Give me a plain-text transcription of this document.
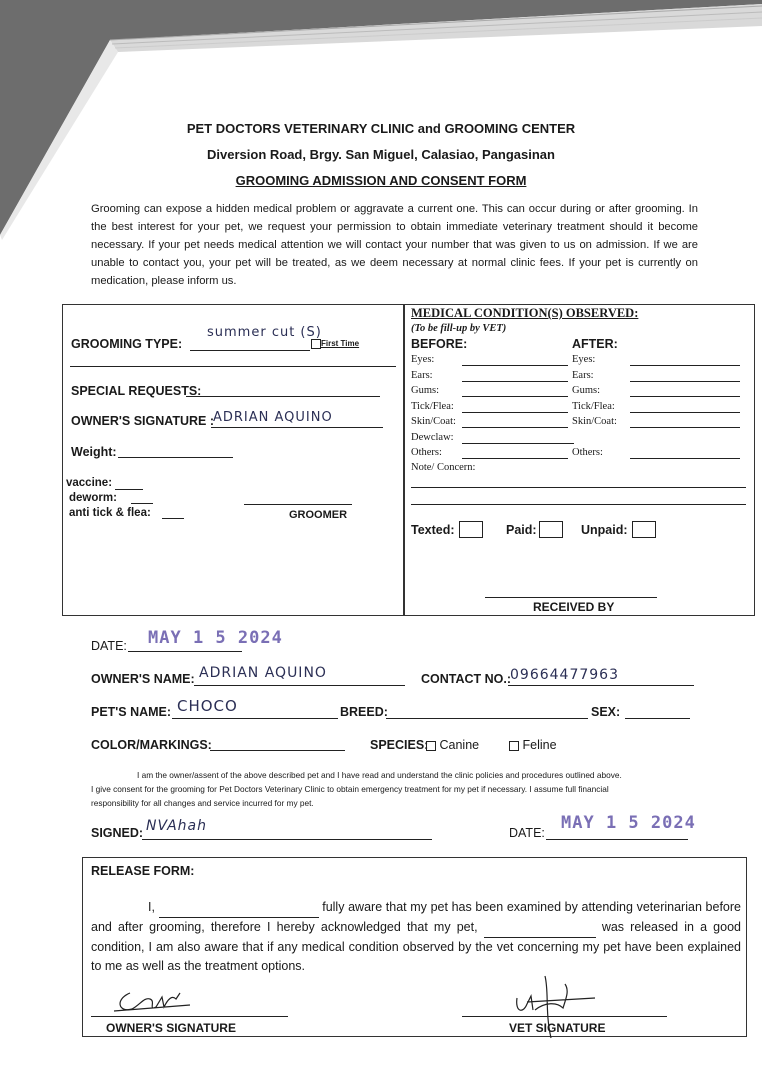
PET DOCTORS VETERINARY CLINIC and GROOMING CENTER
Diversion Road, Brgy. San Miguel, Calasiao, Pangasinan
GROOMING ADMISSION AND CONSENT FORM
Grooming can expose a hidden medical problem or aggravate a current one. This can occur during or after grooming. In the best interest for your pet, we request your permission to obtain immediate veterinary treatment should it become necessary. If your pet needs medical attention we will contact your number that was given to us on admission. If we are unable to contact you, your pet will be treated, as we deem necessary at normal clinic fees. If your pet is currently on medication, please inform us.
GROOMING TYPE:
summer cut (S)
First Time
SPECIAL REQUESTS:
OWNER'S SIGNATURE :
ADRIAN AQUINO
Weight:
vaccine:
deworm:
anti tick & flea:	GROOMER
MEDICAL CONDITION(S) OBSERVED:
(To be fill-up by VET)
BEFORE:	AFTER:
Eyes:	Eyes:
Ears:	Ears:
Gums:	Gums:
Tick/Flea:	Tick/Flea:
Skin/Coat:	Skin/Coat:
Dewclaw:
Others:	Others:
Note/ Concern:
Texted:	Paid:	Unpaid:
RECEIVED BY
DATE: MAY 1 5 2024
OWNER'S NAME: ADRIAN AQUINO	CONTACT NO.:
09664477963
PET'S NAME: CHOCO	BREED:	SEX:
COLOR/MARKINGS:	SPECIES: Canine	Feline
I am the owner/assent of the above described pet and I have read and understand the clinic policies and procedures outlined above.
I give consent for the grooming for Pet Doctors Veterinary Clinic to obtain emergency treatment for my pet if necessary. I assume full financial
responsibility for all changes and service incurred for my pet.
SIGNED: NVAhah	DATE: MAY 1 5 2024
RELEASE FORM:
I,	fully aware that my pet has been examined by attending veterinarian before and after grooming, therefore I hereby acknowledged that my pet,	was released in a good condition, I am also aware that if any medical condition observed by the vet concerning my pet have been explained to me as well as the treatment options.
OWNER'S SIGNATURE	VET SIGNATURE
